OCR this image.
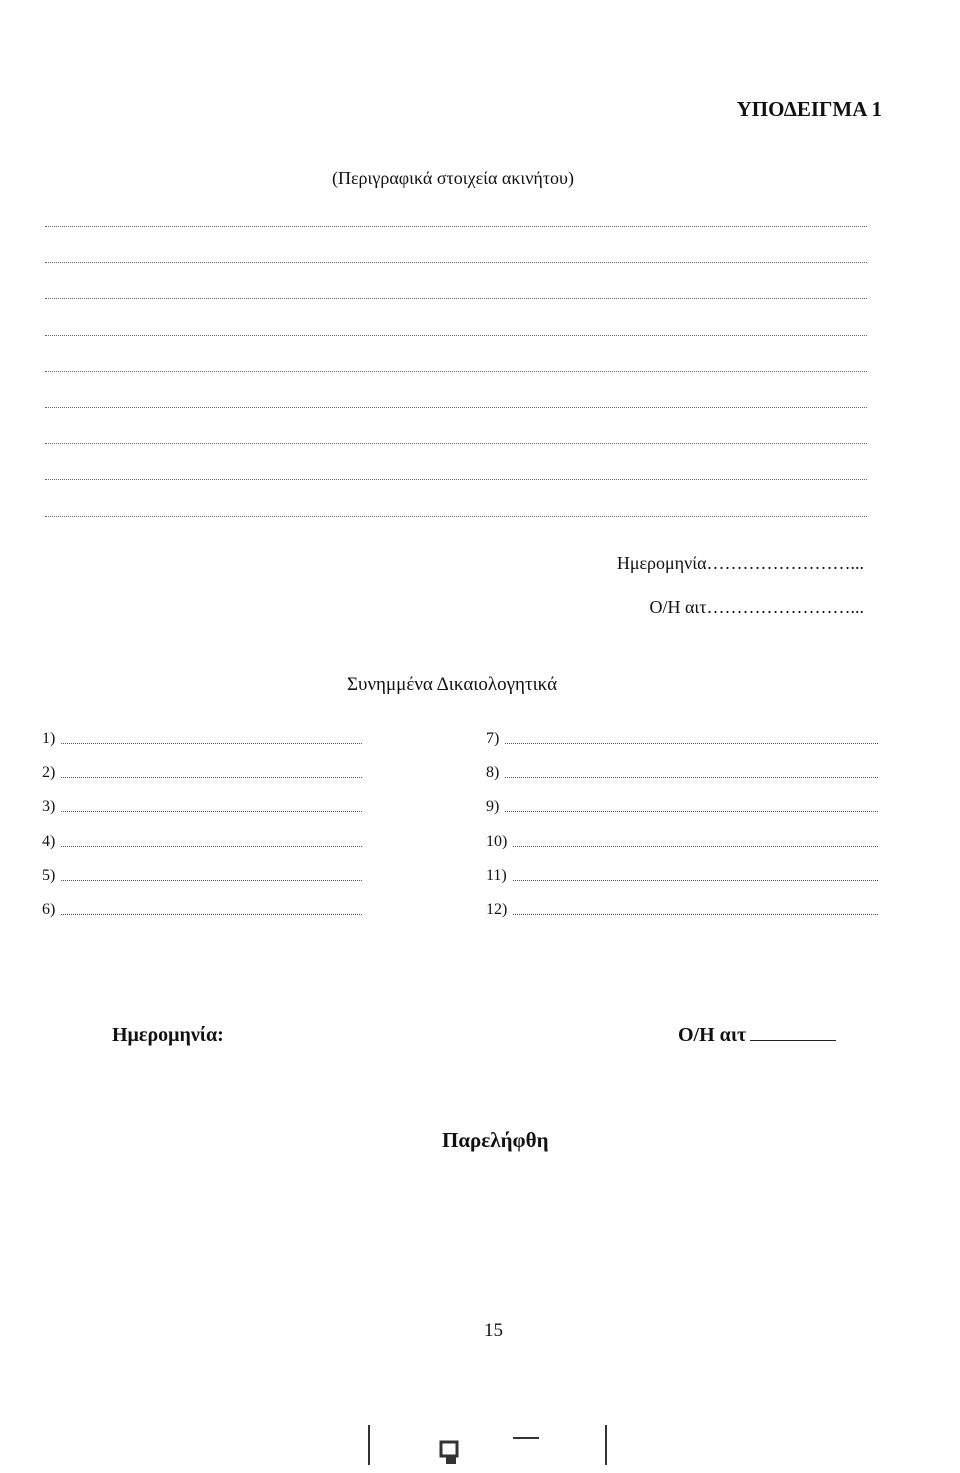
ΥΠΟΔΕΙΓΜΑ 1
(Περιγραφικά στοιχεία ακινήτου)
Ημερομηνία……………………...
Ο/Η αιτ……………………...
Συνημμένα Δικαιολογητικά
1)
2)
3)
4)
5)
6)
7)
8)
9)
10)
11)
12)
Ημερομηνία:	Ο/Η αιτ
Παρελήφθη
15
